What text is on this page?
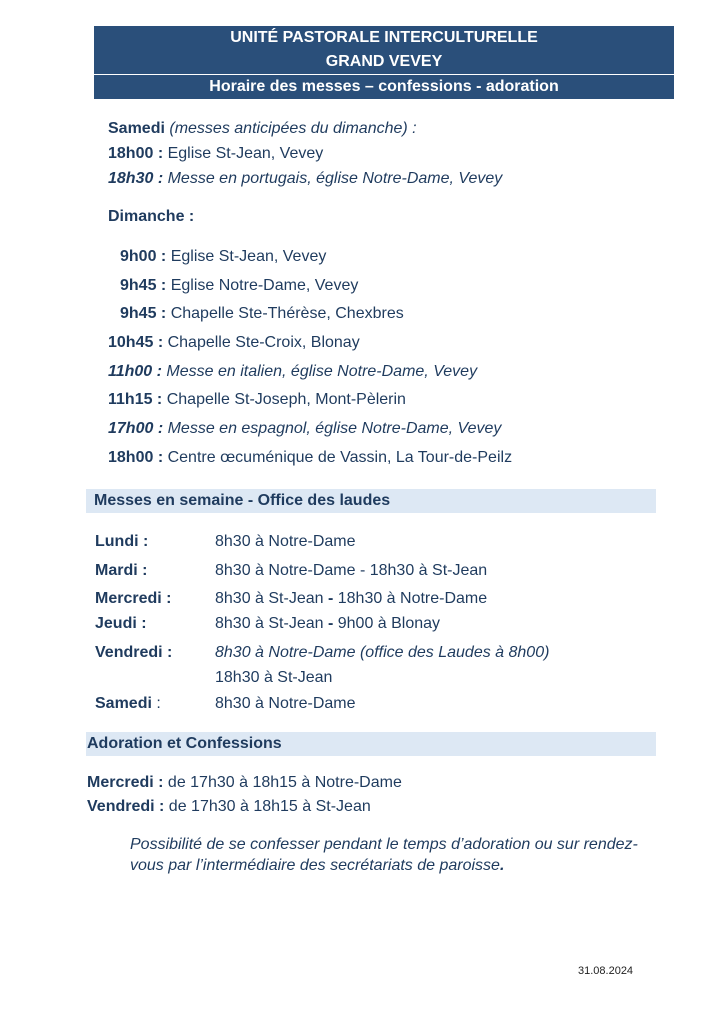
UNITÉ PASTORALE INTERCULTURELLE
GRAND VEVEY
Horaire des messes – confessions - adoration
Samedi (messes anticipées du dimanche) :
18h00 : Eglise St-Jean, Vevey
18h30 : Messe en portugais, église Notre-Dame, Vevey
Dimanche :
9h00 : Eglise St-Jean, Vevey
9h45 : Eglise Notre-Dame, Vevey
9h45 : Chapelle Ste-Thérèse, Chexbres
10h45 : Chapelle Ste-Croix, Blonay
11h00 : Messe en italien, église Notre-Dame, Vevey
11h15 : Chapelle St-Joseph, Mont-Pèlerin
17h00 : Messe en espagnol, église Notre-Dame, Vevey
18h00 : Centre œcuménique de Vassin, La Tour-de-Peilz
Messes en semaine - Office des laudes
Lundi :	8h30 à Notre-Dame
Mardi :	8h30 à Notre-Dame - 18h30 à St-Jean
Mercredi :	8h30 à St-Jean - 18h30 à Notre-Dame
Jeudi :	8h30 à St-Jean - 9h00 à Blonay
Vendredi :	8h30 à Notre-Dame (office des Laudes à 8h00)
18h30 à St-Jean
Samedi :	8h30 à Notre-Dame
Adoration et Confessions
Mercredi : de 17h30 à 18h15 à Notre-Dame
Vendredi : de 17h30 à 18h15 à St-Jean
Possibilité de se confesser pendant le temps d’adoration ou sur rendez-vous par l’intermédiaire des secrétariats de paroisse.
31.08.2024
